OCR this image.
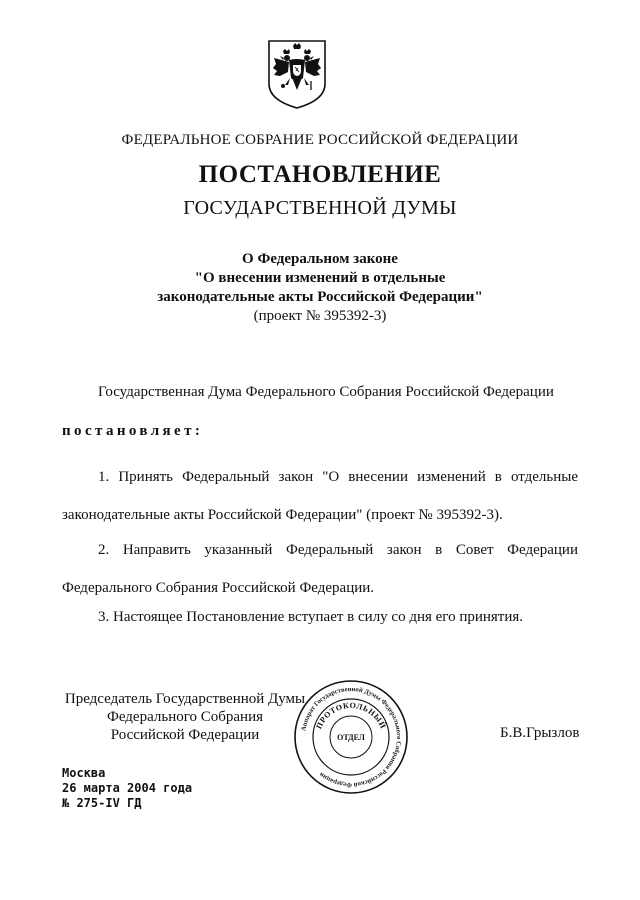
ФЕДЕРАЛЬНОЕ СОБРАНИЕ РОССИЙСКОЙ ФЕДЕРАЦИИ
ПОСТАНОВЛЕНИЕ
ГОСУДАРСТВЕННОЙ ДУМЫ
О Федеральном законе
"О внесении изменений в отдельные
законодательные акты Российской Федерации"
(проект № 395392-3)
Государственная Дума Федерального Собрания Российской Федерации
постановляет:
1. Принять Федеральный закон "О внесении изменений в отдельные законодательные акты Российской Федерации" (проект № 395392-3).
2. Направить указанный Федеральный закон в Совет Федерации Федерального Собрания Российской Федерации.
3. Настоящее Постановление вступает в силу со дня его принятия.
Председатель Государственной Думы
Федерального Собрания
Российской Федерации	Аппарат Государственной Думы Федерального Собрания Российской Федерации
ПРОТОКОЛЬНЫЙ
ОТДЕЛ	Б.В.Грызлов
Москва
26 марта 2004 года
№ 275-IV ГД
